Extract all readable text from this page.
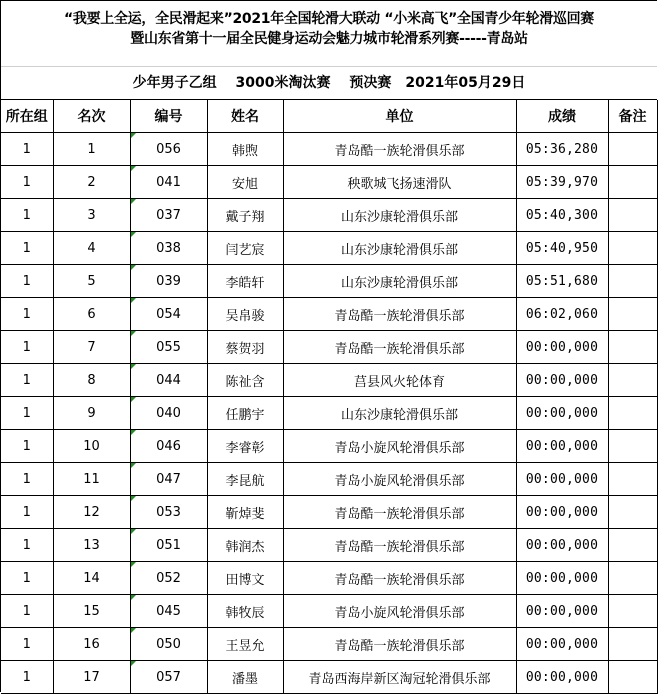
“我要上全运，全民滑起来”2021年全国轮滑大联动 “小米高飞”全国青少年轮滑巡回赛
暨山东省第十一届全民健身运动会魅力城市轮滑系列赛-----青岛站
少年男子乙组　 3000米淘汰赛　 预决赛　2021年05月29日
所在组	名次	编号	姓名	单位	成绩	备注
1	1	056	韩煦	青岛酷一族轮滑俱乐部	05:36,280	
1	2	041	安旭	秧歌城飞扬速滑队	05:39,970	
1	3	037	戴子翔	山东沙康轮滑俱乐部	05:40,300	
1	4	038	闫艺宸	山东沙康轮滑俱乐部	05:40,950	
1	5	039	李皓轩	山东沙康轮滑俱乐部	05:51,680	
1	6	054	吴帛骏	青岛酷一族轮滑俱乐部	06:02,060	
1	7	055	蔡贺羽	青岛酷一族轮滑俱乐部	00:00,000	
1	8	044	陈祉含	莒县风火轮体育	00:00,000	
1	9	040	任鹏宇	山东沙康轮滑俱乐部	00:00,000	
1	10	046	李睿彰	青岛小旋风轮滑俱乐部	00:00,000	
1	11	047	李昆航	青岛小旋风轮滑俱乐部	00:00,000	
1	12	053	靳焯斐	青岛酷一族轮滑俱乐部	00:00,000	
1	13	051	韩润杰	青岛酷一族轮滑俱乐部	00:00,000	
1	14	052	田博文	青岛酷一族轮滑俱乐部	00:00,000	
1	15	045	韩牧辰	青岛小旋风轮滑俱乐部	00:00,000	
1	16	050	王昱允	青岛酷一族轮滑俱乐部	00:00,000	
1	17	057	潘墨	青岛西海岸新区淘冠轮滑俱乐部	00:00,000	
